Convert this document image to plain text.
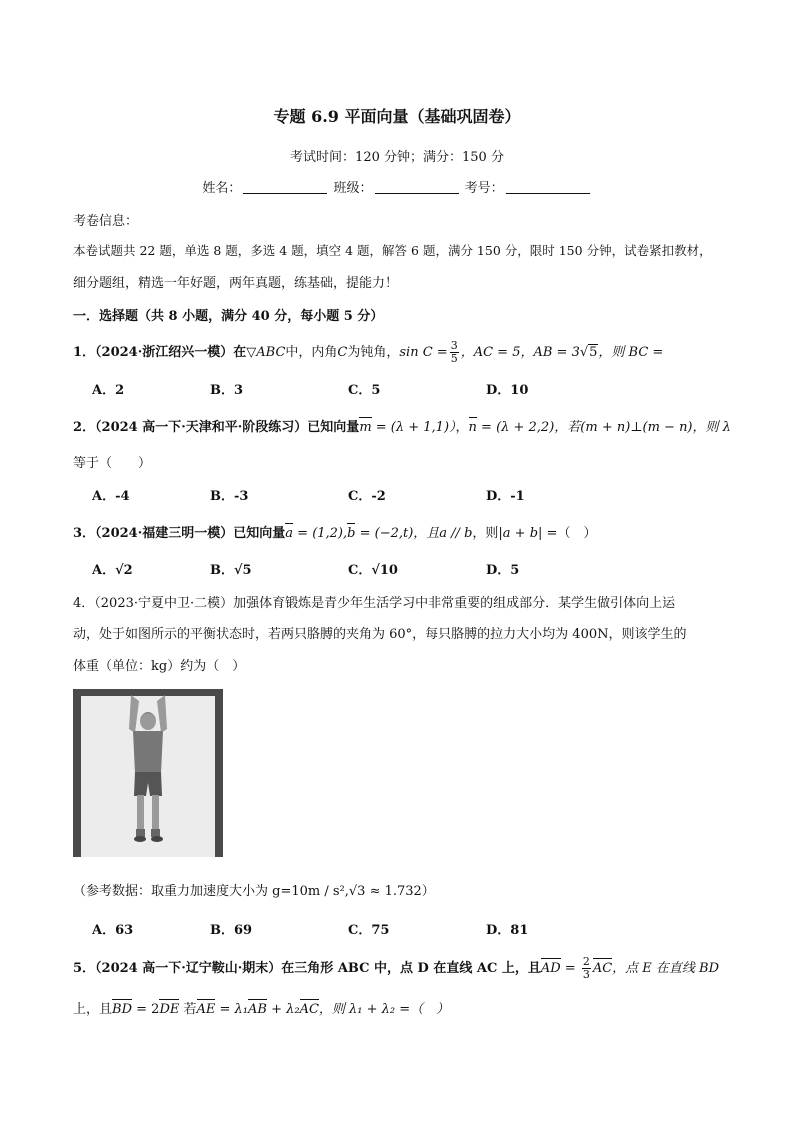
专题 6.9 平面向量（基础巩固卷）
考试时间：120 分钟；满分：150 分
姓名：	班级：	考号：
考卷信息：
本卷试题共 22 题，单选 8 题，多选 4 题，填空 4 题，解答 6 题，满分 150 分，限时 150 分钟，试卷紧扣教材，
细分题组，精选一年好题，两年真题，练基础，提能力！
一．选择题（共 8 小题，满分 40 分，每小题 5 分）
1．（2024·浙江绍兴一模）在▽ABC中，内角C为钝角，$\sin C = \frac{3}{5}$ ，AC = 5，AB = 3√5，则 BC =
A．2	B．3	C．5	D．10
2．（2024 高一下·天津和平·阶段练习）已知向量m = (λ + 1,1)），n = (λ + 2,2)，若(m + n)⊥(m − n)，则 λ
等于（　　）
A．-4	B．-3	C．-2	D．-1
3．（2024·福建三明一模）已知向量a = (1,2),b = (−2,t)，且a // b，则|a + b| =（　）
A．√2	B．√5	C．√10	D．5
4．（2023·宁夏中卫·二模）加强体育锻炼是青少年生活学习中非常重要的组成部分．某学生做引体向上运
动，处于如图所示的平衡状态时，若两只胳膊的夹角为 60°，每只胳膊的拉力大小均为 400N，则该学生的
体重（单位：kg）约为（　）
（参考数据：取重力加速度大小为 g=10m / s²,√3 ≈ 1.732）
A．63	B．69	C．75	D．81
5．（2024 高一下·辽宁鞍山·期末）在三角形 ABC 中，点 D 在直线 AC 上，且AD = $\frac{2}{3}$ AC，点 E 在直线 BD
上，且BD = 2DE 若AE = λ₁AB + λ₂AC，则 λ₁ + λ₂ =（　）
